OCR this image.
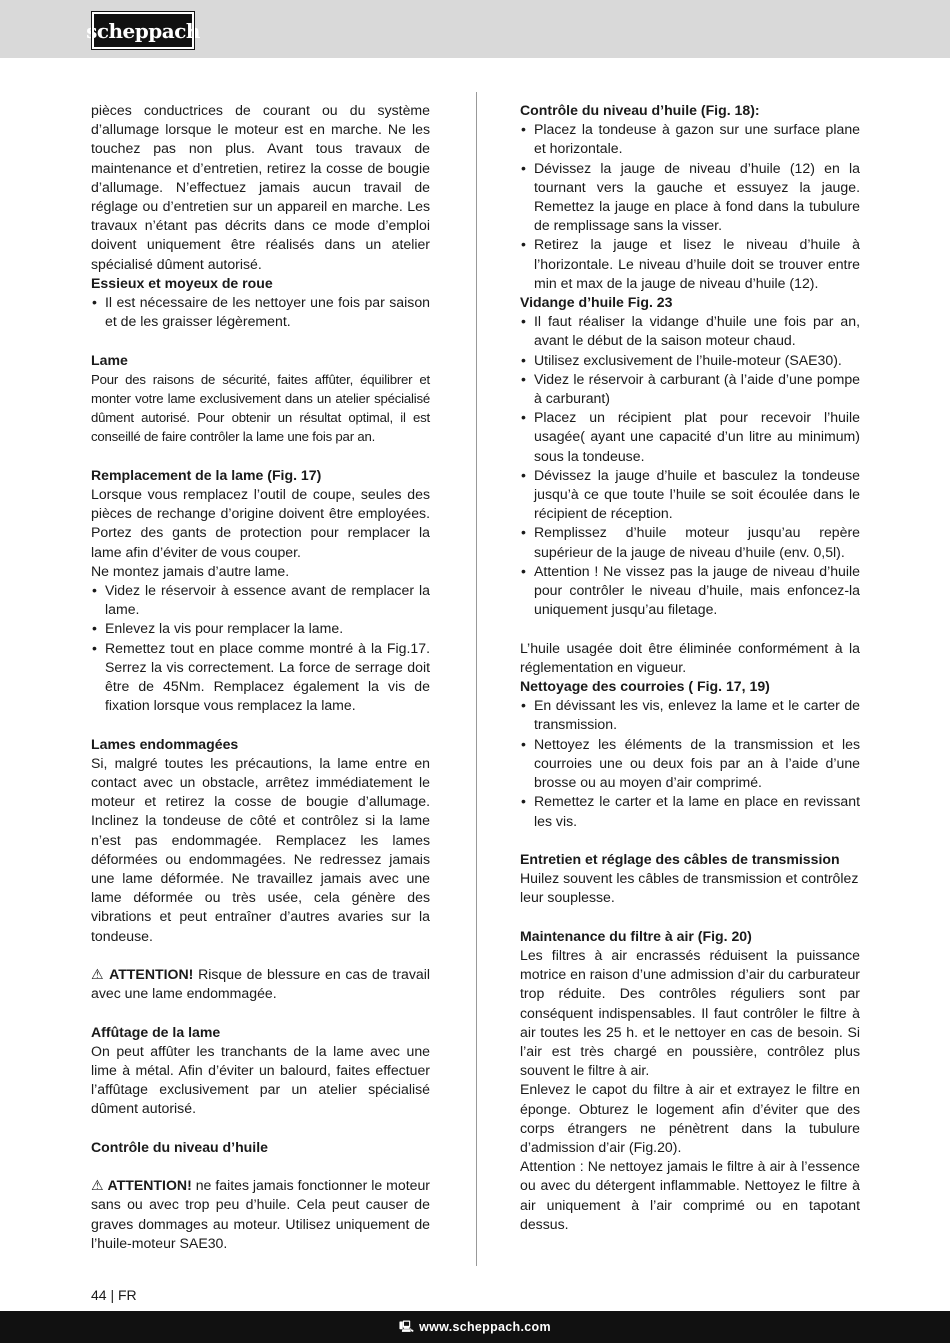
scheppach

pièces conductrices de courant ou du système d’allumage lorsque le moteur est en marche. Ne les touchez pas non plus. Avant tous travaux de maintenance et d’entretien, retirez la cosse de bougie d’allumage. N’effectuez jamais aucun travail de réglage ou d’entretien sur un appareil en marche. Les travaux n’étant pas décrits dans ce mode d’emploi doivent uniquement être réalisés dans un atelier spécialisé dûment autorisé.

Essieux et moyeux de roue
• Il est nécessaire de les nettoyer une fois par saison et de les graisser légèrement.
Lame

Pour des raisons de sécurité, faites affûter, équilibrer et monter votre lame exclusivement dans un atelier spécialisé dûment autorisé. Pour obtenir un résultat optimal, il est conseillé de faire contrôler la lame une fois par an.

Remplacement de la lame (Fig. 17)

Lorsque vous remplacez l’outil de coupe, seules des pièces de rechange d’origine doivent être employées. Portez des gants de protection pour remplacer la lame afin d’éviter de vous couper.

Ne montez jamais d’autre lame.

• Videz le réservoir à essence avant de remplacer la lame.
• Enlevez la vis pour remplacer la lame.
• Remettez tout en place comme montré à la Fig.17. Serrez la vis correctement. La force de serrage doit être de 45Nm. Remplacez également la vis de fixation lorsque vous remplacez la lame.
Lames endommagées

Si, malgré toutes les précautions, la lame entre en contact avec un obstacle, arrêtez immédiatement le moteur et retirez la cosse de bougie d’allumage. Inclinez la tondeuse de côté et contrôlez si la lame n’est pas endommagée. Remplacez les lames déformées ou endommagées. Ne redressez jamais une lame déformée. Ne travaillez jamais avec une lame déformée ou très usée, cela génère des vibrations et peut entraîner d’autres avaries sur la tondeuse.

⚠ ATTENTION! Risque de blessure en cas de travail avec une lame endommagée.

Affûtage de la lame

On peut affûter les tranchants de la lame avec une lime à métal. Afin d’éviter un balourd, faites effectuer l’affûtage exclusivement par un atelier spécialisé dûment autorisé.

Contrôle du niveau d’huile

⚠ ATTENTION! ne faites jamais fonctionner le moteur sans ou avec trop peu d’huile. Cela peut causer de graves dommages au moteur. Utilisez uniquement de l’huile-moteur SAE30.

Contrôle du niveau d’huile (Fig. 18):
• Placez la tondeuse à gazon sur une surface plane et horizontale.
• Dévissez la jauge de niveau d’huile (12) en la tournant vers la gauche et essuyez la jauge. Remettez la jauge en place à fond dans la tubulure de remplissage sans la visser.
• Retirez la jauge et lisez le niveau d’huile à l’horizontale. Le niveau d’huile doit se trouver entre min et max de la jauge de niveau d’huile (12).
Vidange d’huile Fig. 23
• Il faut réaliser la vidange d’huile une fois par an, avant le début de la saison moteur chaud.
• Utilisez exclusivement de l’huile-moteur (SAE30).
• Videz le réservoir à carburant (à l’aide d’une pompe à carburant)
• Placez un récipient plat pour recevoir l’huile usagée( ayant une capacité d’un litre au minimum) sous la tondeuse.
• Dévissez la jauge d’huile et basculez la tondeuse jusqu’à ce que toute l’huile se soit écoulée dans le récipient de réception.
• Remplissez d’huile moteur jusqu’au repère supérieur de la jauge de niveau d’huile (env. 0,5l).
• Attention ! Ne vissez pas la jauge de niveau d’huile pour contrôler le niveau d’huile, mais enfoncez-la uniquement jusqu’au filetage.

L’huile usagée doit être éliminée conformément à la réglementation en vigueur.

Nettoyage des courroies ( Fig. 17, 19)
• En dévissant les vis, enlevez la lame et le carter de transmission.
• Nettoyez les éléments de la transmission et les courroies une ou deux fois par an à l’aide d’une brosse ou au moyen d’air comprimé.
• Remettez le carter et la lame en place en revissant les vis.
Entretien et réglage des câbles de transmission

Huilez souvent les câbles de transmission et contrôlez leur souplesse.

Maintenance du filtre à air (Fig. 20)

Les filtres à air encrassés réduisent la puissance motrice en raison d’une admission d’air du carburateur trop réduite. Des contrôles réguliers sont par conséquent indispensables. Il faut contrôler le filtre à air toutes les 25 h. et le nettoyer en cas de besoin. Si l’air est très chargé en poussière, contrôlez plus souvent le filtre à air.

Enlevez le capot du filtre à air et extrayez le filtre en éponge. Obturez le logement afin d’éviter que des corps étrangers ne pénètrent dans la tubulure d’admission d’air (Fig.20).

Attention : Ne nettoyez jamais le filtre à air à l’essence ou avec du détergent inflammable. Nettoyez le filtre à air uniquement à l’air comprimé ou en tapotant dessus.

44 | FR
🖳 www.scheppach.com
